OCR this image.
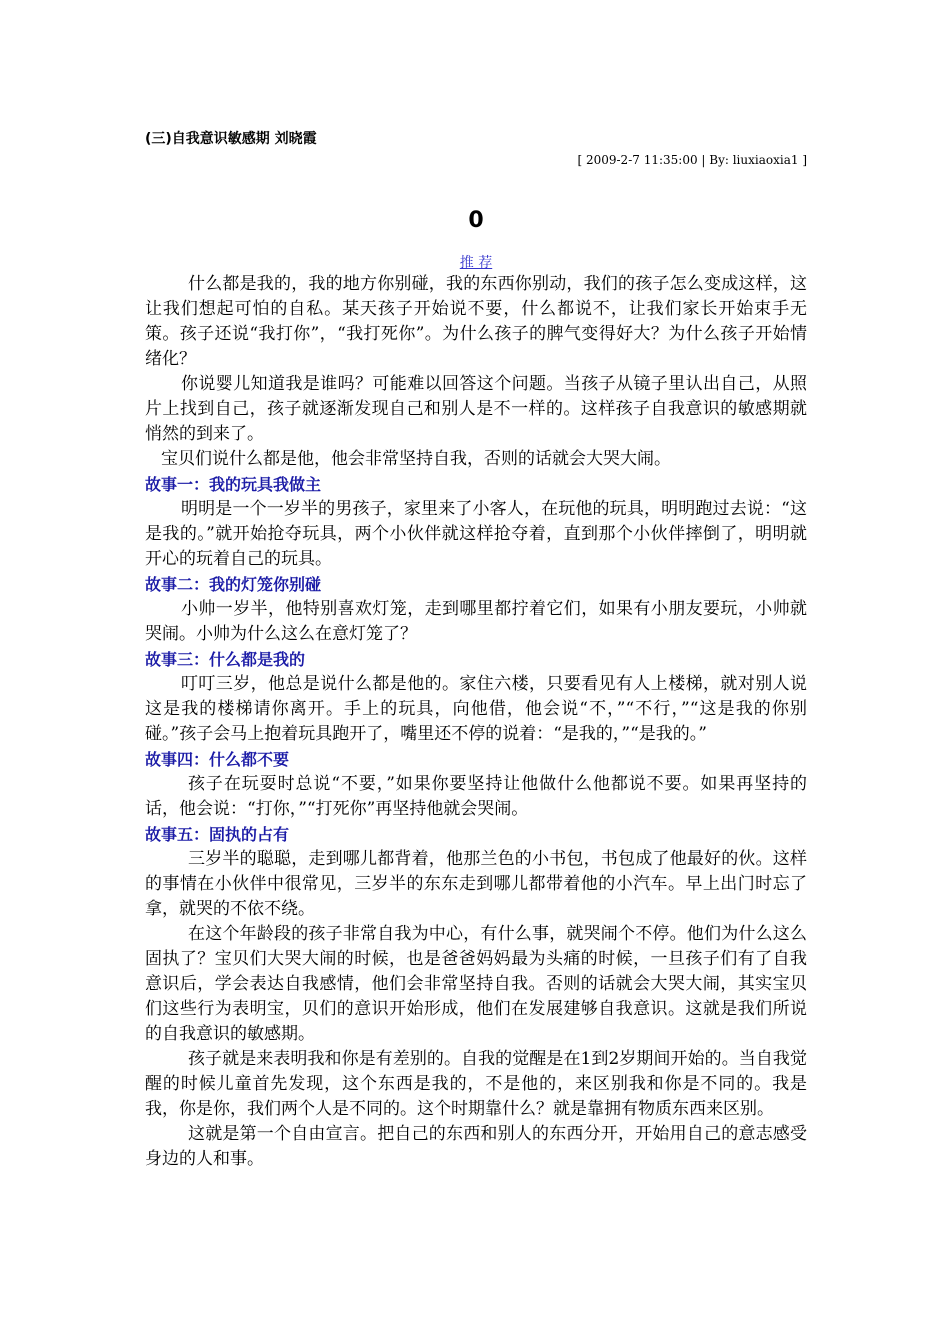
(三)自我意识敏感期 刘晓霞
[ 2009-2-7 11:35:00 | By: liuxiaoxia1 ]
0
推 荐

什么都是我的，我的地方你别碰，我的东西你别动，我们的孩子怎么变成这样，这让我们想起可怕的自私。某天孩子开始说不要，什么都说不，让我们家长开始束手无策。孩子还说“我打你”，“我打死你”。为什么孩子的脾气变得好大？为什么孩子开始情绪化？

你说婴儿知道我是谁吗？可能难以回答这个问题。当孩子从镜子里认出自己，从照片上找到自己，孩子就逐渐发现自己和别人是不一样的。这样孩子自我意识的敏感期就悄然的到来了。

宝贝们说什么都是他，他会非常坚持自我，否则的话就会大哭大闹。

故事一：我的玩具我做主

明明是一个一岁半的男孩子，家里来了小客人，在玩他的玩具，明明跑过去说：“这是我的。”就开始抢夺玩具，两个小伙伴就这样抢夺着，直到那个小伙伴摔倒了，明明就开心的玩着自己的玩具。

故事二：我的灯笼你别碰

小帅一岁半，他特别喜欢灯笼，走到哪里都拧着它们，如果有小朋友要玩，小帅就哭闹。小帅为什么这么在意灯笼了？

故事三：什么都是我的

叮叮三岁，他总是说什么都是他的。家住六楼，只要看见有人上楼梯，就对别人说这是我的楼梯请你离开。手上的玩具，向他借，他会说“不，”“不行，”“这是我的你别碰。”孩子会马上抱着玩具跑开了，嘴里还不停的说着：“是我的，”“是我的。”

故事四：什么都不要

孩子在玩耍时总说“不要，”如果你要坚持让他做什么他都说不要。如果再坚持的话，他会说：“打你，”“打死你”再坚持他就会哭闹。

故事五：固执的占有

三岁半的聪聪，走到哪儿都背着，他那兰色的小书包，书包成了他最好的伙。这样的事情在小伙伴中很常见，三岁半的东东走到哪儿都带着他的小汽车。早上出门时忘了拿，就哭的不依不绕。

在这个年龄段的孩子非常自我为中心，有什么事，就哭闹个不停。他们为什么这么固执了？宝贝们大哭大闹的时候，也是爸爸妈妈最为头痛的时候，一旦孩子们有了自我意识后，学会表达自我感情，他们会非常坚持自我。否则的话就会大哭大闹，其实宝贝们这些行为表明宝，贝们的意识开始形成，他们在发展建够自我意识。这就是我们所说的自我意识的敏感期。

孩子就是来表明我和你是有差别的。自我的觉醒是在1到2岁期间开始的。当自我觉醒的时候儿童首先发现，这个东西是我的，不是他的，来区别我和你是不同的。我是我，你是你，我们两个人是不同的。这个时期靠什么？就是靠拥有物质东西来区别。

这就是第一个自由宣言。把自己的东西和别人的东西分开，开始用自己的意志感受身边的人和事。
